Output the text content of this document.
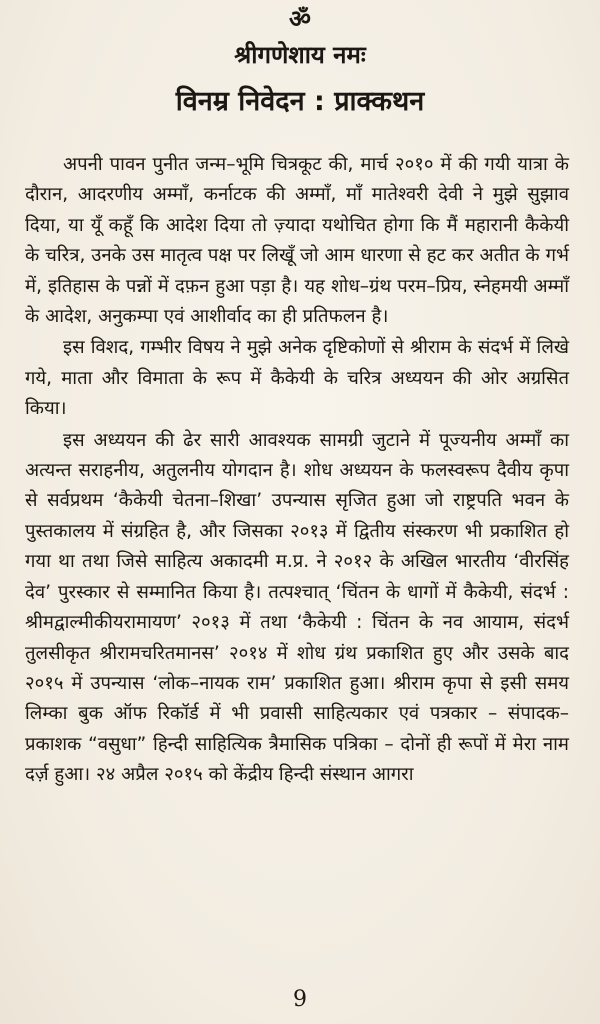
ॐ
श्रीगणेशाय नमः
विनम्र निवेदन : प्राक्कथन

अपनी पावन पुनीत जन्म–भूमि चित्रकूट की, मार्च २०१० में की गयी यात्रा के दौरान, आदरणीय अम्माँ, कर्नाटक की अम्माँ, माँ मातेश्वरी देवी ने मुझे सुझाव दिया, या यूँ कहूँ कि आदेश दिया तो ज़्यादा यथोचित होगा कि मैं महारानी कैकेयी के चरित्र, उनके उस मातृत्व पक्ष पर लिखूँ जो आम धारणा से हट कर अतीत के गर्भ में, इतिहास के पन्नों में दफ़न हुआ पड़ा है। यह शोध–ग्रंथ परम–प्रिय, स्नेहमयी अम्माँ के आदेश, अनुकम्पा एवं आशीर्वाद का ही प्रतिफलन है।

इस विशद, गम्भीर विषय ने मुझे अनेक दृष्टिकोणों से श्रीराम के संदर्भ में लिखे गये, माता और विमाता के रूप में कैकेयी के चरित्र अध्ययन की ओर अग्रसित किया।

इस अध्ययन की ढेर सारी आवश्यक सामग्री जुटाने में पूज्यनीय अम्माँ का अत्यन्त सराहनीय, अतुलनीय योगदान है। शोध अध्ययन के फलस्वरूप दैवीय कृपा से सर्वप्रथम ‘कैकेयी चेतना–शिखा’ उपन्यास सृजित हुआ जो राष्ट्रपति भवन के पुस्तकालय में संग्रहित है, और जिसका २०१३ में द्वितीय संस्करण भी प्रकाशित हो गया था तथा जिसे साहित्य अकादमी म.प्र. ने २०१२ के अखिल भारतीय ‘वीरसिंह देव’ पुरस्कार से सम्मानित किया है। तत्पश्चात् ‘चिंतन के धागों में कैकेयी, संदर्भ : श्रीमद्वाल्मीकीयरामायण’ २०१३ में तथा ‘कैकेयी : चिंतन के नव आयाम, संदर्भ तुलसीकृत श्रीरामचरितमानस’ २०१४ में शोध ग्रंथ प्रकाशित हुए और उसके बाद २०१५ में उपन्यास ‘लोक–नायक राम’ प्रकाशित हुआ। श्रीराम कृपा से इसी समय लिम्का बुक ऑफ रिकॉर्ड में भी प्रवासी साहित्यकार एवं पत्रकार – संपादक–प्रकाशक “वसुधा” हिन्दी साहित्यिक त्रैमासिक पत्रिका – दोनों ही रूपों में मेरा नाम दर्ज़ हुआ। २४ अप्रैल २०१५ को केंद्रीय हिन्दी संस्थान आगरा

9
